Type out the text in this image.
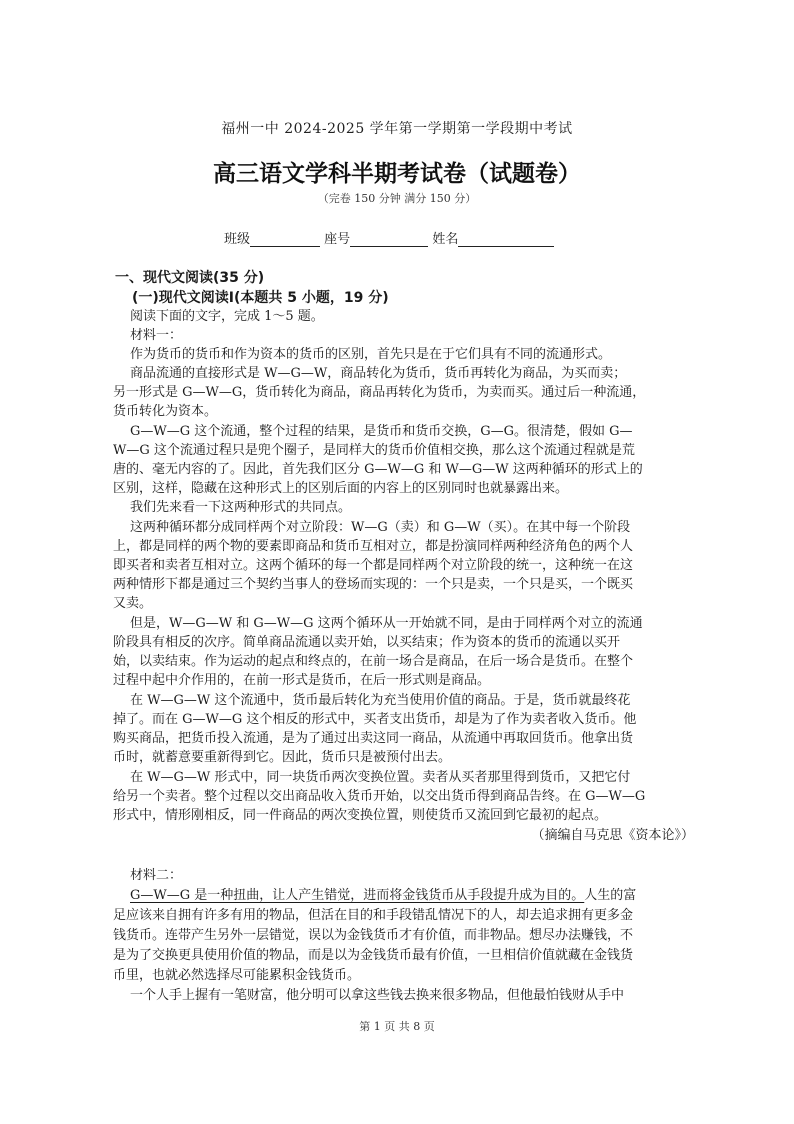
福州一中 2024-2025 学年第一学期第一学段期中考试
高三语文学科半期考试卷（试题卷）
（完卷 150 分钟 满分 150 分）
班级	座号	姓名
一、现代文阅读(35 分)
(一)现代文阅读Ⅰ(本题共 5 小题，19 分)
阅读下面的文字，完成 1～5 题。
材料一：
作为货币的货币和作为资本的货币的区别，首先只是在于它们具有不同的流通形式。
商品流通的直接形式是 W—G—W，商品转化为货币，货币再转化为商品，为买而卖；
另一形式是 G—W—G，货币转化为商品，商品再转化为货币，为卖而买。通过后一种流通，
货币转化为资本。
G—W—G 这个流通，整个过程的结果，是货币和货币交换，G—G。很清楚，假如 G—
W—G 这个流通过程只是兜个圈子，是同样大的货币价值相交换，那么这个流通过程就是荒
唐的、毫无内容的了。因此，首先我们区分 G—W—G 和 W—G—W 这两种循环的形式上的
区别，这样，隐藏在这种形式上的区别后面的内容上的区别同时也就暴露出来。
我们先来看一下这两种形式的共同点。
这两种循环都分成同样两个对立阶段：W—G（卖）和 G—W（买）。在其中每一个阶段
上，都是同样的两个物的要素即商品和货币互相对立，都是扮演同样两种经济角色的两个人
即买者和卖者互相对立。这两个循环的每一个都是同样两个对立阶段的统一，这种统一在这
两种情形下都是通过三个契约当事人的登场而实现的：一个只是卖，一个只是买，一个既买
又卖。
但是，W—G—W 和 G—W—G 这两个循环从一开始就不同，是由于同样两个对立的流通
阶段具有相反的次序。简单商品流通以卖开始，以买结束；作为资本的货币的流通以买开
始，以卖结束。作为运动的起点和终点的，在前一场合是商品，在后一场合是货币。在整个
过程中起中介作用的，在前一形式是货币，在后一形式则是商品。
在 W—G—W 这个流通中，货币最后转化为充当使用价值的商品。于是，货币就最终花
掉了。而在 G—W—G 这个相反的形式中，买者支出货币，却是为了作为卖者收入货币。他
购买商品，把货币投入流通，是为了通过出卖这同一商品，从流通中再取回货币。他拿出货
币时，就蓄意要重新得到它。因此，货币只是被预付出去。
在 W—G—W 形式中，同一块货币两次变换位置。卖者从买者那里得到货币，又把它付
给另一个卖者。整个过程以交出商品收入货币开始，以交出货币得到商品告终。在 G—W—G
形式中，情形刚相反，同一件商品的两次变换位置，则使货币又流回到它最初的起点。
（摘编自马克思《资本论》）
材料二：
G—W—G 是一种扭曲，让人产生错觉，进而将金钱货币从手段提升成为目的。人生的富
足应该来自拥有许多有用的物品，但活在目的和手段错乱情况下的人，却去追求拥有更多金
钱货币。连带产生另外一层错觉，误以为金钱货币才有价值，而非物品。想尽办法赚钱，不
是为了交换更具使用价值的物品，而是以为金钱货币最有价值，一旦相信价值就藏在金钱货
币里，也就必然选择尽可能累积金钱货币。
一个人手上握有一笔财富，他分明可以拿这些钱去换来很多物品，但他最怕钱财从手中
第 1 页 共 8 页
